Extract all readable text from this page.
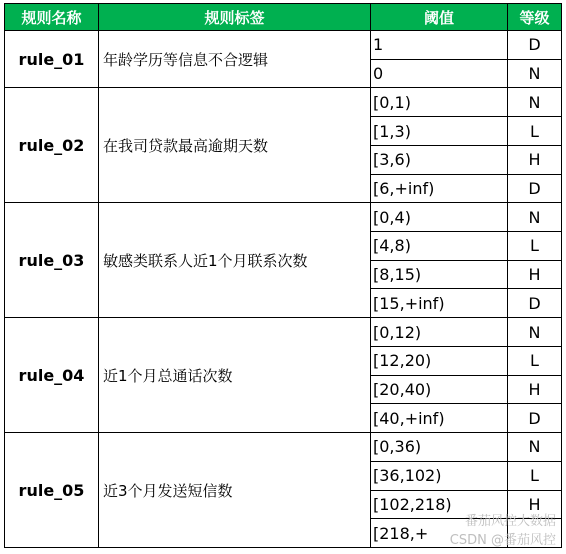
规则名称	规则标签	阈值	等级
rule_01	年龄学历等信息不合逻辑	1	D
		0	N
rule_02	在我司贷款最高逾期天数	[0,1)	N
		[1,3)	L
		[3,6)	H
		[6,+inf)	D
rule_03	敏感类联系人近1个月联系次数	[0,4)	N
		[4,8)	L
		[8,15)	H
		[15,+inf)	D
rule_04	近1个月总通话次数	[0,12)	N
		[12,20)	L
		[20,40)	H
		[40,+inf)	D
rule_05	近3个月发送短信数	[0,36)	N
		[36,102)	L
		[102,218)	H
		[218,+	
番茄风控大数据
CSDN @番茄风控
